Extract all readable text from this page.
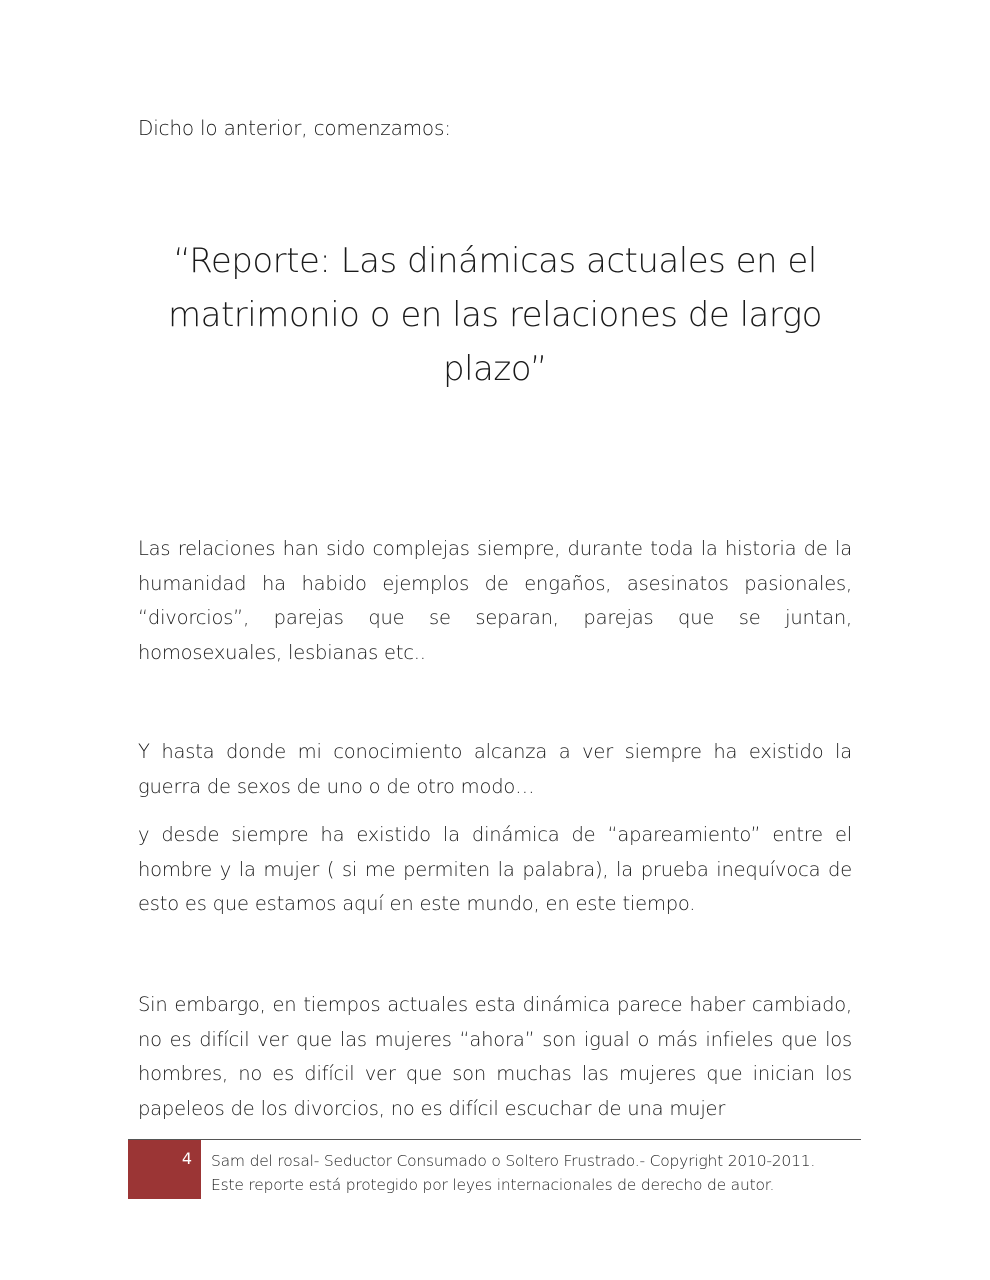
Dicho lo anterior, comenzamos:
“Reporte: Las dinámicas actuales en el
matrimonio o en las relaciones de largo
plazo”

Las relaciones han sido complejas siempre, durante toda la historia de la humanidad ha habido ejemplos de engaños, asesinatos pasionales, “divorcios”, parejas que se separan, parejas que se juntan, homosexuales, lesbianas etc..

Y hasta donde mi conocimiento alcanza a ver siempre ha existido la guerra de sexos de uno o de otro modo…

y desde siempre ha existido la dinámica de “apareamiento” entre el hombre y la mujer ( si me permiten la palabra), la prueba inequívoca de esto es que estamos aquí en este mundo, en este tiempo.

Sin embargo, en tiempos actuales esta dinámica parece haber cambiado, no es difícil ver que las mujeres “ahora” son igual o más infieles que los hombres, no es difícil ver que son muchas las mujeres que inician los papeleos de los divorcios, no es difícil escuchar de una mujer

4 Sam del rosal- Seductor Consumado o Soltero Frustrado.- Copyright 2010-2011.
Este reporte está protegido por leyes internacionales de derecho de autor.
